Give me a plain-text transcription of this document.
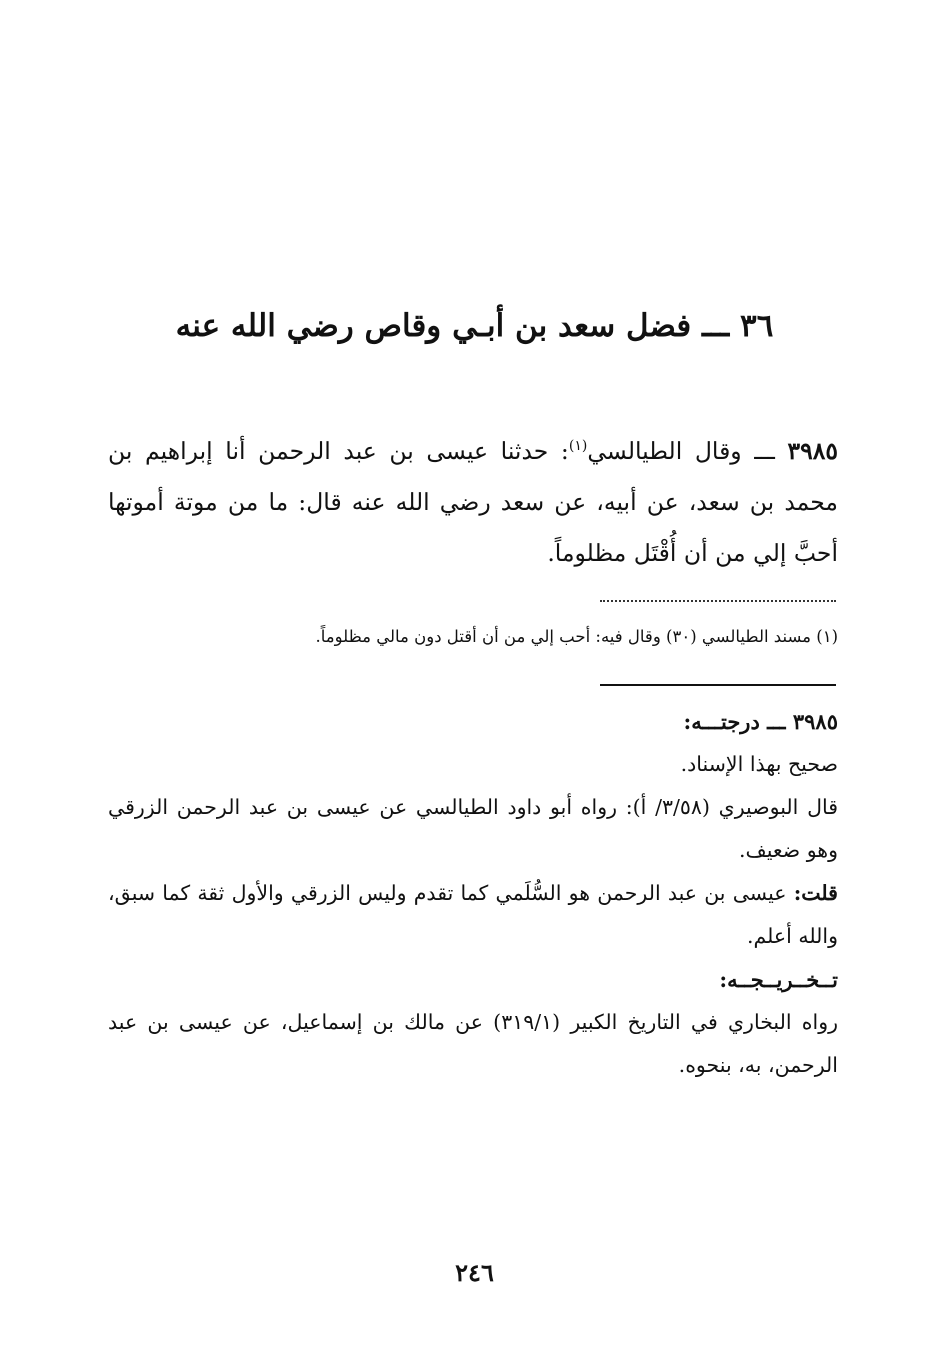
٣٦ ـــ فضل سعد بن أبـي وقاص رضي الله عنه
٣٩٨٥ ـــ وقال الطيالسي$^{(١)}$: حدثنا عيسى بن عبد الرحمن أنا إبراهيم بن محمد بن سعد، عن أبيه، عن سعد رضي الله عنه قال: ما من موتة أموتها أحبَّ إلي من أن أُقْتَل مظلوماً.
(١) مسند الطيالسي (٣٠) وقال فيه: أحب إلي من أن أقتل دون مالي مظلوماً.

٣٩٨٥ ـــ درجتـــه:

صحيح بهذا الإسناد.

قال البوصيري (٣/٥٨/ أ): رواه أبو داود الطيالسي عن عيسى بن عبد الرحمن الزرقي وهو ضعيف.

قلت: عيسى بن عبد الرحمن هو السُّلَمي كما تقدم وليس الزرقي والأول ثقة كما سبق، والله أعلم.

تــخــريــجــه:

رواه البخاري في التاريخ الكبير (٣١٩/١) عن مالك بن إسماعيل، عن عيسى بن عبد الرحمن، به، بنحوه.

٢٤٦
